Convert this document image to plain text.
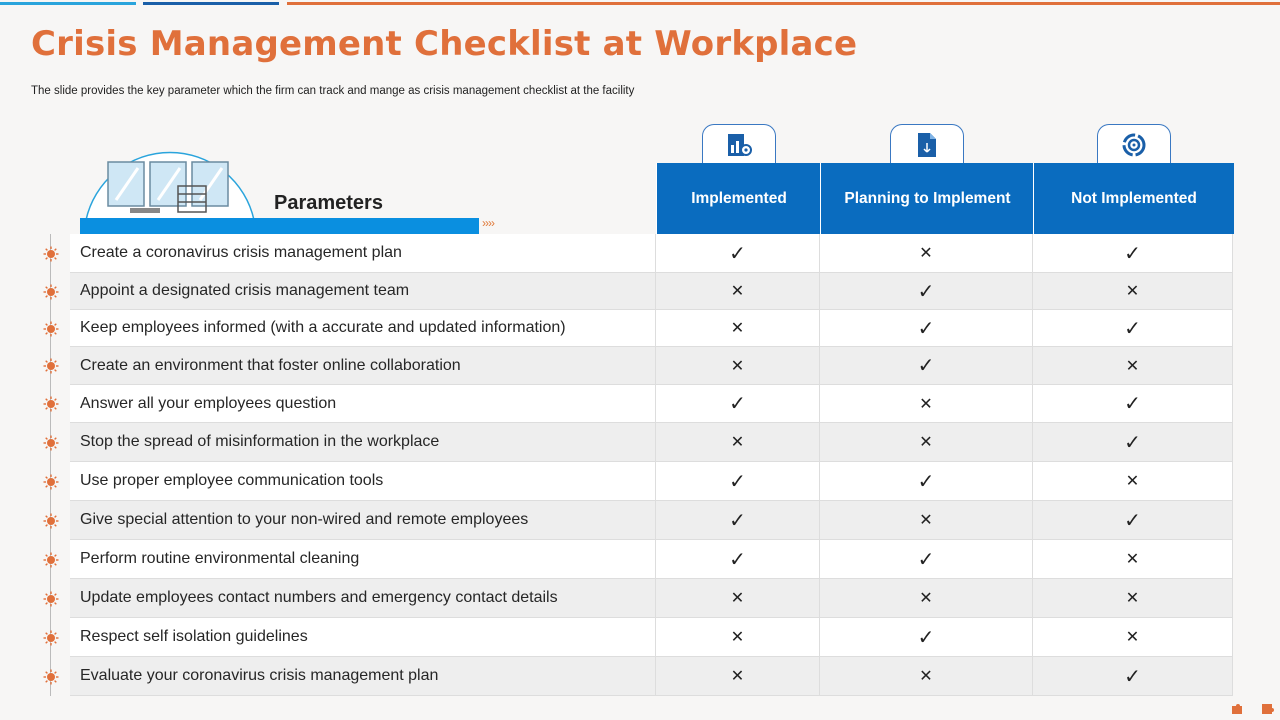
Crisis Management Checklist at Workplace
The slide provides the key parameter which the firm can track and mange as crisis management checklist at the facility
››››
Parameters	Implemented	Planning to Implement	Not Implemented
Create a coronavirus crisis management plan	✓	✕	✓
Appoint a designated crisis management team	✕	✓	✕
Keep employees informed (with a accurate and updated information)	✕	✓	✓
Create an environment that foster online collaboration	✕	✓	✕
Answer all your employees question	✓	✕	✓
Stop the spread of misinformation in the workplace	✕	✕	✓
Use proper employee communication tools	✓	✓	✕
Give special attention to your non-wired and remote employees	✓	✕	✓
Perform routine environmental cleaning	✓	✓	✕
Update employees contact numbers and emergency contact details	✕	✕	✕
Respect self isolation guidelines	✕	✓	✕
Evaluate your coronavirus crisis management plan	✕	✕	✓
